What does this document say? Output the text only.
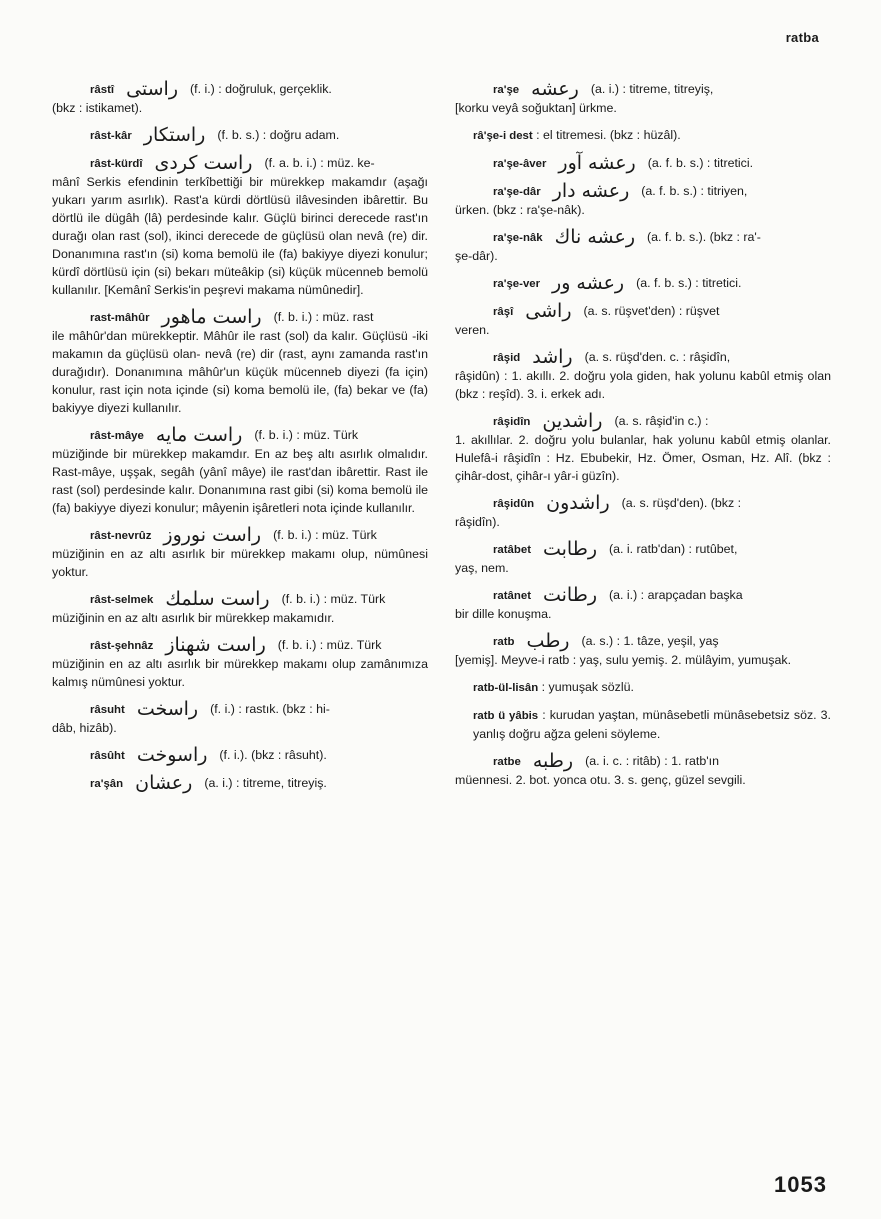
ratba
râstî راستى (f. i.) : doğruluk, gerçeklik.
(bkz : istikamet).
râst-kâr راستكار (f. b. s.) : doğru adam.
râst-kürdî راست كردى (f. a. b. i.) : müz. ke-
mânî Serkis efendinin terkîbettiği bir mürekkep makamdır (aşağı yukarı yarım asırlık). Rast'a kürdi dörtlüsü ilâvesinden ibârettir. Bu dörtlü ile dügâh (lâ) perdesinde kalır. Güçlü birinci derecede rast'ın durağı olan rast (sol), ikinci derecede de güçlüsü olan nevâ (re) dir. Donanımına rast'ın (si) koma bemolü ile (fa) bakiyye diyezi konulur; kürdî dörtlüsü için (si) bekarı müteâkip (si) küçük mücenneb bemolü kullanılır. [Kemânî Serkis'in peşrevi makama nümûnedir].
rast-mâhûr راست ماهور (f. b. i.) : müz. rast
ile mâhûr'dan mürekkeptir. Mâhûr ile rast (sol) da kalır. Güçlüsü -iki makamın da güçlüsü olan- nevâ (re) dir (rast, aynı zamanda rast'ın durağıdır). Donanımına mâhûr'un küçük mücenneb diyezi (fa için) konulur, rast için nota içinde (si) koma bemolü ile, (fa) bekar ve (fa) bakiyye diyezi kullanılır.
râst-mâye راست مايه (f. b. i.) : müz. Türk
müziğinde bir mürekkep makamdır. En az beş altı asırlık olmalıdır. Rast-mâye, uşşak, segâh (yânî mâye) ile rast'dan ibârettir. Rast ile rast (sol) perdesinde kalır. Donanımına rast gibi (si) koma bemolü ile (fa) bakiyye diyezi konulur; mâyenin işâretleri nota içinde kullanılır.
râst-nevrûz راست نوروز (f. b. i.) : müz. Türk
müziğinin en az altı asırlık bir mürekkep makamı olup, nümûnesi yoktur.
râst-selmek راست سلمك (f. b. i.) : müz. Türk
müziğinin en az altı asırlık bir mürekkep makamıdır.
râst-şehnâz راست شهناز (f. b. i.) : müz. Türk
müziğinin en az altı asırlık bir mürekkep makamı olup zamânımıza kalmış nümûnesi yoktur.
râsuht راسخت (f. i.) : rastık. (bkz : hi-
dâb, hizâb).
râsûht راسوخت (f. i.). (bkz : râsuht).
ra'şân رعشان (a. i.) : titreme, titreyiş.
ra'şe رعشه (a. i.) : titreme, titreyiş,
[korku veyâ soğuktan] ürkme.
râ'şe-i dest : el titremesi. (bkz : hüzâl).
ra'şe-âver رعشه آور (a. f. b. s.) : titretici.
ra'şe-dâr رعشه دار (a. f. b. s.) : titriyen,
ürken. (bkz : ra'şe-nâk).
ra'şe-nâk رعشه ناك (a. f. b. s.). (bkz : ra'-
şe-dâr).
ra'şe-ver رعشه ور (a. f. b. s.) : titretici.
râşî راشى (a. s. rüşvet'den) : rüşvet
veren.
râşid راشد (a. s. rüşd'den. c. : râşidîn,
râşidûn) : 1. akıllı. 2. doğru yola giden, hak yolunu kabûl etmiş olan (bkz : reşîd). 3. i. erkek adı.
râşidîn راشدين (a. s. râşid'in c.) :
1. akıllılar. 2. doğru yolu bulanlar, hak yolunu kabûl etmiş olanlar. Hulefâ-i râşidîn : Hz. Ebubekir, Hz. Ömer, Osman, Hz. Alî. (bkz : çihâr-dost, çihâr-ı yâr-i güzîn).
râşidûn راشدون (a. s. rüşd'den). (bkz :
râşidîn).
ratâbet رطابت (a. i. ratb'dan) : rutûbet,
yaş, nem.
ratânet رطانت (a. i.) : arapçadan başka
bir dille konuşma.
ratb رطب (a. s.) : 1. tâze, yeşil, yaş
[yemiş]. Meyve-i ratb : yaş, sulu yemiş. 2. mülâyim, yumuşak.
ratb-ül-lisân : yumuşak sözlü.
ratb ü yâbis : kurudan yaştan, münâsebetli münâsebetsiz söz. 3. yanlış doğru ağza geleni söyleme.
ratbe رطبه (a. i. c. : ritâb) : 1. ratb'ın
müennesi. 2. bot. yonca otu. 3. s. genç, güzel sevgili.
1053
